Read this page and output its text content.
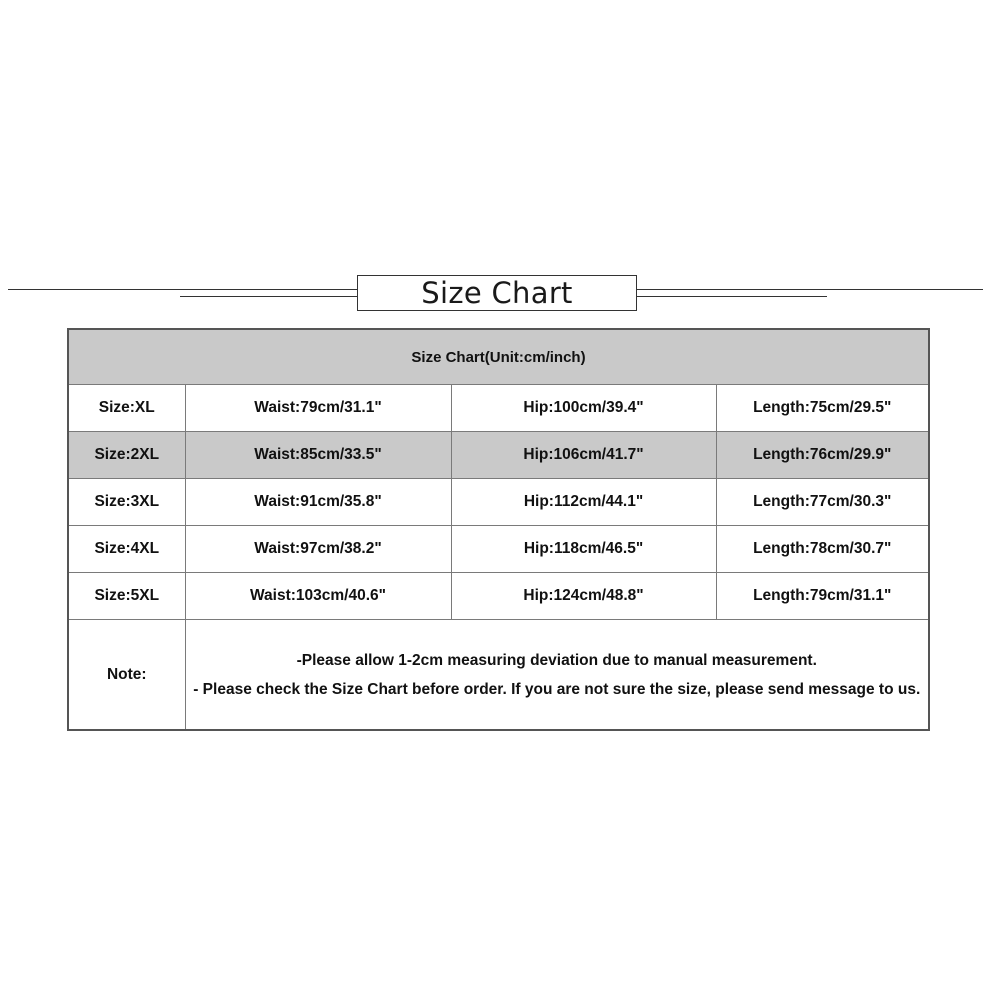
Size Chart
Size Chart(Unit:cm/inch)			
Size:XL	Waist:79cm/31.1"	Hip:100cm/39.4"	Length:75cm/29.5"
Size:2XL	Waist:85cm/33.5"	Hip:106cm/41.7"	Length:76cm/29.9"
Size:3XL	Waist:91cm/35.8"	Hip:112cm/44.1"	Length:77cm/30.3"
Size:4XL	Waist:97cm/38.2"	Hip:118cm/46.5"	Length:78cm/30.7"
Size:5XL	Waist:103cm/40.6"	Hip:124cm/48.8"	Length:79cm/31.1"
Note:	-Please allow 1-2cm measuring deviation due to manual measurement.
- Please check the Size Chart before order. If you are not sure the size, please send message to us.		
